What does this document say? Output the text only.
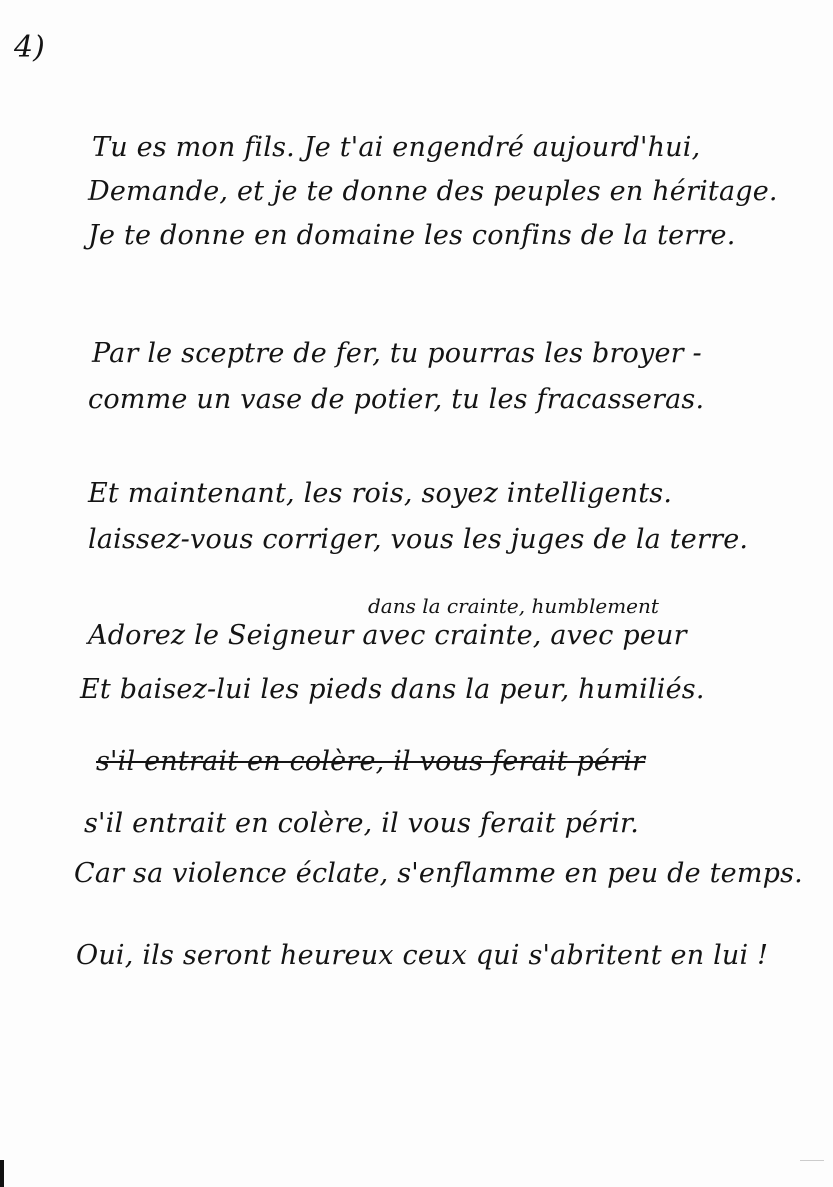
4)
Tu es mon fils. Je t'ai engendré aujourd'hui,
Demande, et je te donne des peuples en héritage.
Je te donne en domaine les confins de la terre.
Par le sceptre de fer, tu pourras les broyer -
comme un vase de potier, tu les fracasseras.
Et maintenant, les rois, soyez intelligents.
laissez-vous corriger, vous les juges de la terre.
dans la crainte, humblement
Adorez le Seigneur avec crainte, avec peur
Et baisez-lui les pieds dans la peur, humiliés.
s'il entrait en colère, il vous ferait périr
s'il entrait en colère, il vous ferait périr.
Car sa violence éclate, s'enflamme en peu de temps.
Oui, ils seront heureux ceux qui s'abritent en lui !
